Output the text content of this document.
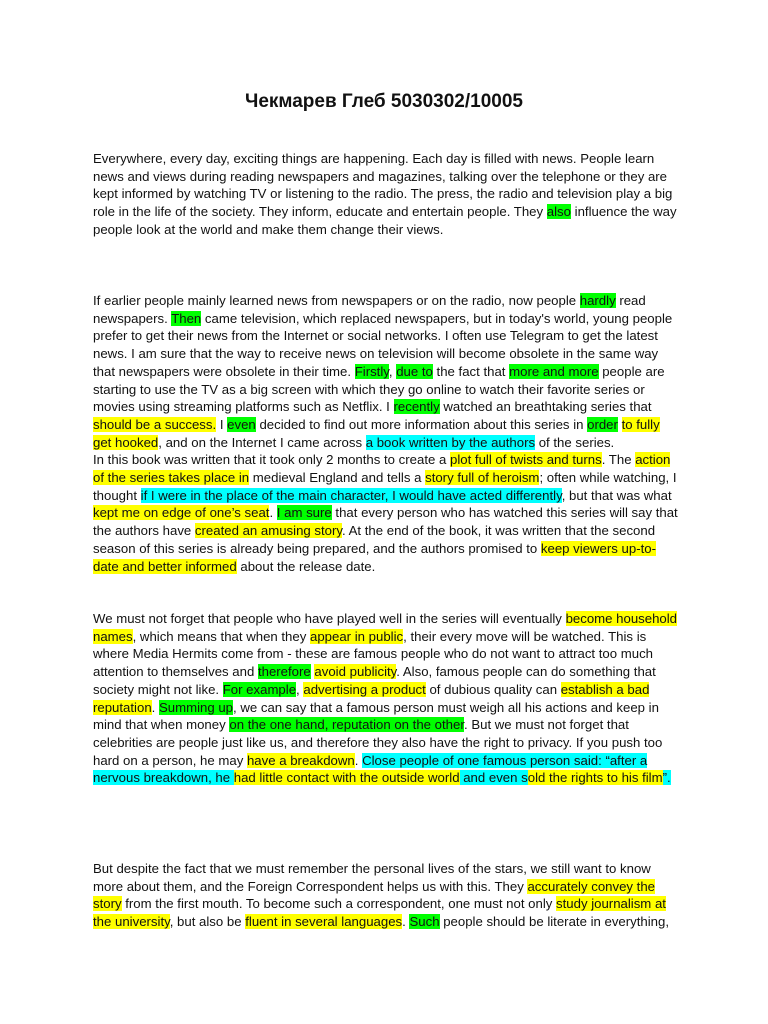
Чекмарев Глеб 5030302/10005
Everywhere, every day, exciting things are happening. Each day is filled with news. People learn news and views during reading newspapers and magazines, talking over the telephone or they are kept informed by watching TV or listening to the radio. The press, the radio and television play a big role in the life of the society. They inform, educate and entertain people. They also influence the way people look at the world and make them change their views.
If earlier people mainly learned news from newspapers or on the radio, now people hardly read newspapers. Then came television, which replaced newspapers, but in today's world, young people prefer to get their news from the Internet or social networks. I often use Telegram to get the latest news. I am sure that the way to receive news on television will become obsolete in the same way that newspapers were obsolete in their time. Firstly, due to the fact that more and more people are starting to use the TV as a big screen with which they go online to watch their favorite series or movies using streaming platforms such as Netflix. I recently watched an breathtaking series that should be a success. I even decided to find out more information about this series in order to fully get hooked, and on the Internet I came across a book written by the authors of the series.
In this book was written that it took only 2 months to create a plot full of twists and turns. The action of the series takes place in medieval England and tells a story full of heroism; often while watching, I thought if I were in the place of the main character, I would have acted differently, but that was what kept me on edge of one’s seat. I am sure that every person who has watched this series will say that the authors have created an amusing story. At the end of the book, it was written that the second season of this series is already being prepared, and the authors promised to keep viewers up-to-date and better informed about the release date.
We must not forget that people who have played well in the series will eventually become household names, which means that when they appear in public, their every move will be watched. This is where Media Hermits come from - these are famous people who do not want to attract too much attention to themselves and therefore avoid publicity. Also, famous people can do something that society might not like. For example, advertising a product of dubious quality can establish a bad reputation. Summing up, we can say that a famous person must weigh all his actions and keep in mind that when money on the one hand, reputation on the other. But we must not forget that celebrities are people just like us, and therefore they also have the right to privacy. If you push too hard on a person, he may have a breakdown. Close people of one famous person said: “after a nervous breakdown, he had little contact with the outside world and even sold the rights to his film”.
But despite the fact that we must remember the personal lives of the stars, we still want to know more about them, and the Foreign Correspondent helps us with this. They accurately convey the story from the first mouth. To become such a correspondent, one must not only study journalism at the university, but also be fluent in several languages. Such people should be literate in everything,
